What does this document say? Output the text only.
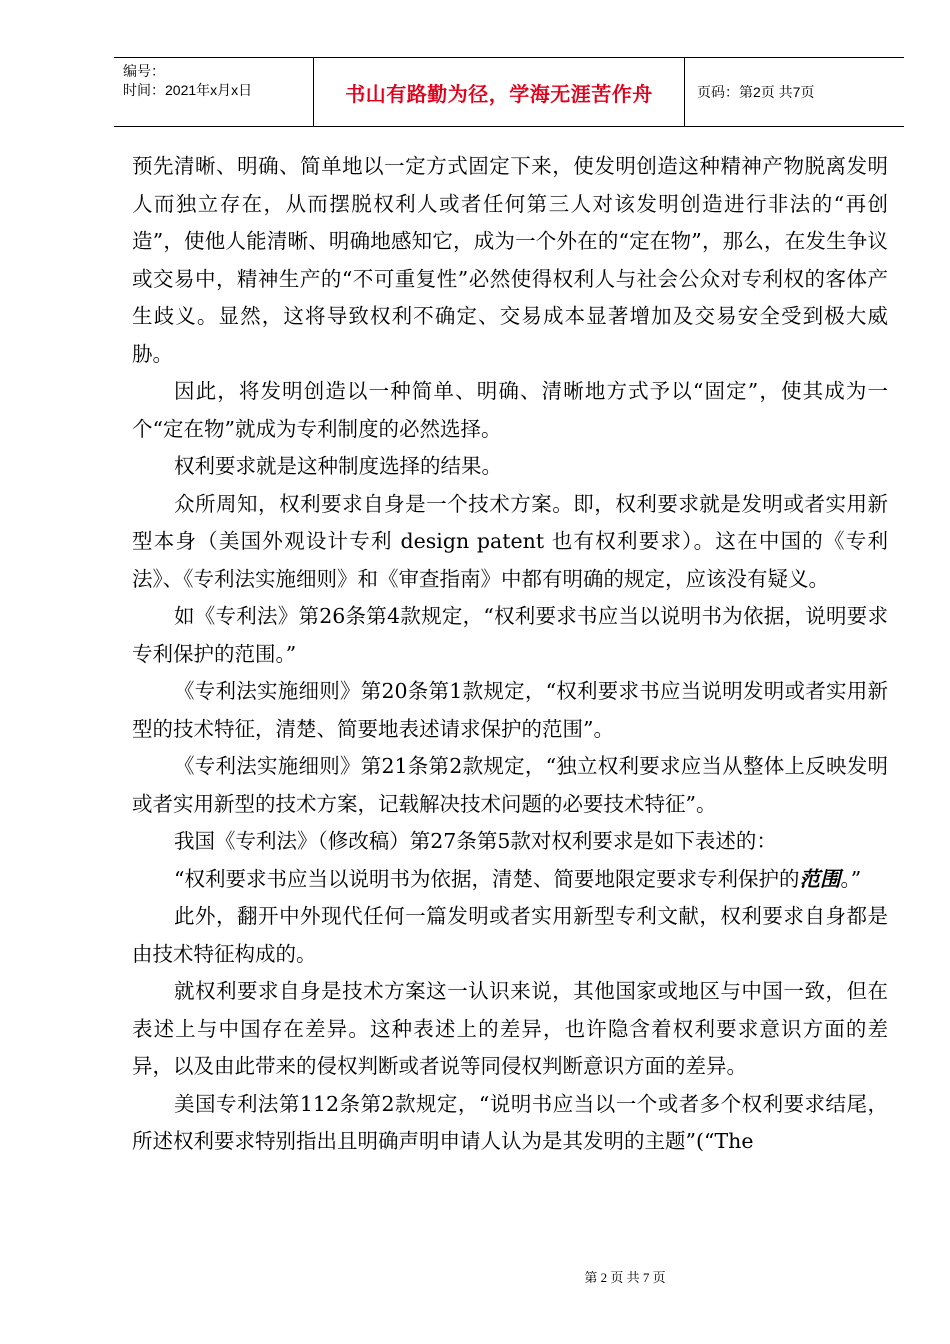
编号：
时间：2021年x月x日	书山有路勤为径，学海无涯苦作舟	页码：第2页 共7页

预先清晰、明确、简单地以一定方式固定下来，使发明创造这种精神产物脱离发明人而独立存在，从而摆脱权利人或者任何第三人对该发明创造进行非法的“再创造”，使他人能清晰、明确地感知它，成为一个外在的“定在物”，那么，在发生争议或交易中，精神生产的“不可重复性”必然使得权利人与社会公众对专利权的客体产生歧义。显然，这将导致权利不确定、交易成本显著增加及交易安全受到极大威胁。

因此，将发明创造以一种简单、明确、清晰地方式予以“固定”，使其成为一个“定在物”就成为专利制度的必然选择。

权利要求就是这种制度选择的结果。

众所周知，权利要求自身是一个技术方案。即，权利要求就是发明或者实用新型本身（美国外观设计专利 design patent 也有权利要求）。这在中国的《专利法》、《专利法实施细则》和《审查指南》中都有明确的规定，应该没有疑义。

如《专利法》第26条第4款规定，“权利要求书应当以说明书为依据，说明要求专利保护的范围。”

《专利法实施细则》第20条第1款规定，“权利要求书应当说明发明或者实用新型的技术特征，清楚、简要地表述请求保护的范围”。

《专利法实施细则》第21条第2款规定，“独立权利要求应当从整体上反映发明或者实用新型的技术方案，记载解决技术问题的必要技术特征”。

我国《专利法》（修改稿）第27条第5款对权利要求是如下表述的：

“权利要求书应当以说明书为依据，清楚、简要地限定要求专利保护的范围。”

此外，翻开中外现代任何一篇发明或者实用新型专利文献，权利要求自身都是由技术特征构成的。

就权利要求自身是技术方案这一认识来说，其他国家或地区与中国一致，但在表述上与中国存在差异。这种表述上的差异，也许隐含着权利要求意识方面的差异，以及由此带来的侵权判断或者说等同侵权判断意识方面的差异。

美国专利法第112条第2款规定，“说明书应当以一个或者多个权利要求结尾，所述权利要求特别指出且明确声明申请人认为是其发明的主题”(“The

第 2 页 共 7 页
